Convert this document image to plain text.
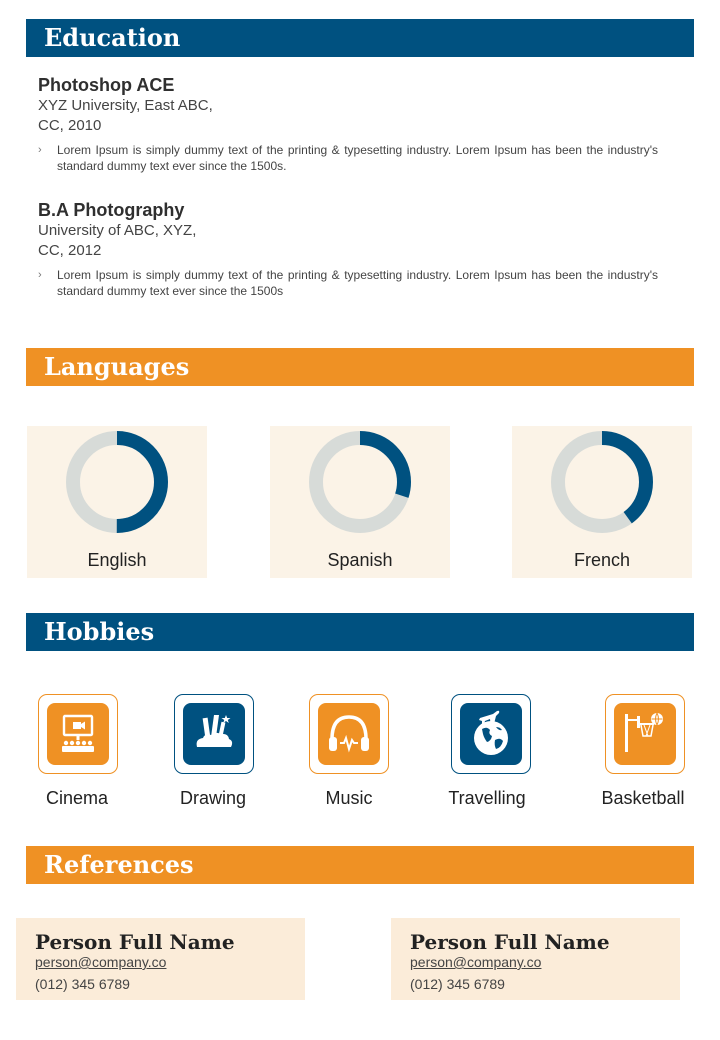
Education
Photoshop ACE
XYZ University, East ABC,
CC, 2010
› Lorem Ipsum is simply dummy text of the printing & typesetting industry. Lorem Ipsum has been the industry's standard dummy text ever since the 1500s.
B.A Photography
University of ABC, XYZ,
CC, 2012
› Lorem Ipsum is simply dummy text of the printing & typesetting industry. Lorem Ipsum has been the industry's standard dummy text ever since the 1500s
Languages
English	Spanish	French
Hobbies
Cinema	Drawing	Music	Travelling	Basketball
References
Person Full Name
person@company.co
(012) 345 6789
Person Full Name
person@company.co
(012) 345 6789
